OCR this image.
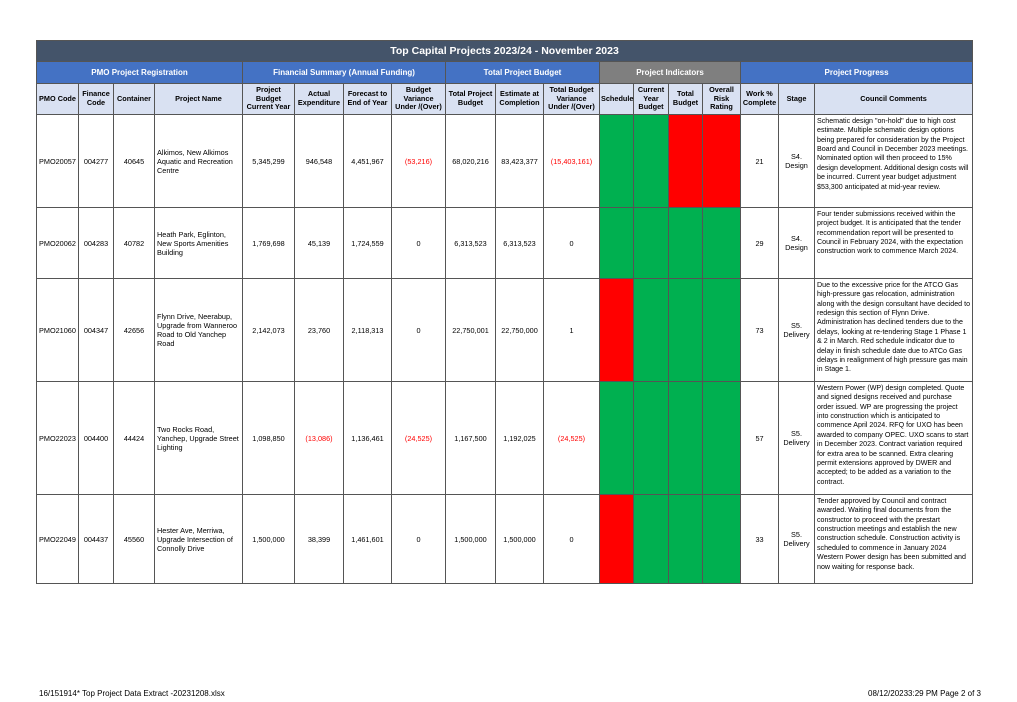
Top Capital Projects 2023/24 - November 2023																	
PMO Project Registration				Financial Summary (Annual Funding)				Total Project Budget			Project Indicators				Project Progress		
PMO Code	Finance Code	Container	Project Name	Project Budget Current Year	Actual Expenditure	Forecast to End of Year	Budget Variance Under /(Over)	Total Project Budget	Estimate at Completion	Total Budget Variance Under /(Over)	Schedule	Current Year Budget	Total Budget	Overall Risk Rating	Work % Complete	Stage	Council Comments
PMO20057	004277	40645	Alkimos, New Alkimos Aquatic and Recreation Centre	5,345,299	946,548	4,451,967	(53,216)	68,020,216	83,423,377	(15,403,161)					21	S4. Design	Schematic design "on-hold" due to high cost estimate. Multiple schematic design options being prepared for consideration by the Project Board and Council in December 2023 meetings. Nominated option will then proceed to 15% design development. Additional design costs will be incurred. Current year budget adjustment $53,300 anticipated at mid-year review.
PMO20062	004283	40782	Heath Park, Eglinton, New Sports Amenities Building	1,769,698	45,139	1,724,559	0	6,313,523	6,313,523	0					29	S4. Design	Four tender submissions received within the project budget. It is anticipated that the tender recommendation report will be presented to Council in February 2024, with the expectation construction work to commence March 2024.
PMO21060	004347	42656	Flynn Drive, Neerabup, Upgrade from Wanneroo Road to Old Yanchep Road	2,142,073	23,760	2,118,313	0	22,750,001	22,750,000	1					73	S5. Delivery	Due to the excessive price for the ATCO Gas high-pressure gas relocation, administration along with the design consultant have decided to redesign this section of Flynn Drive. Administration has declined tenders due to the delays, looking at re-tendering Stage 1 Phase 1 & 2 in March. Red schedule indicator due to delay in finish schedule date due to ATCo Gas delays in realignment of high pressure gas main in Stage 1.
PMO22023	004400	44424	Two Rocks Road, Yanchep, Upgrade Street Lighting	1,098,850	(13,086)	1,136,461	(24,525)	1,167,500	1,192,025	(24,525)					57	S5. Delivery	Western Power (WP) design completed. Quote and signed designs received and purchase order issued. WP are progressing the project into construction which is anticipated to commence April 2024. RFQ for UXO has been awarded to company OPEC. UXO scans to start in December 2023. Contract variation required for extra area to be scanned. Extra clearing permit extensions approved by DWER and accepted; to be added as a variation to the contract.
PMO22049	004437	45560	Hester Ave, Merriwa, Upgrade Intersection of Connolly Drive	1,500,000	38,399	1,461,601	0	1,500,000	1,500,000	0					33	S5. Delivery	Tender approved by Council and contract awarded. Waiting final documents from the constructor to proceed with the prestart construction meetings and establish the new construction schedule. Construction activity is scheduled to commence in January 2024 Western Power design has been submitted and now waiting for response back.
16/151914* Top Project Data Extract -20231208.xlsx	08/12/20233:29 PM Page 2 of 3
